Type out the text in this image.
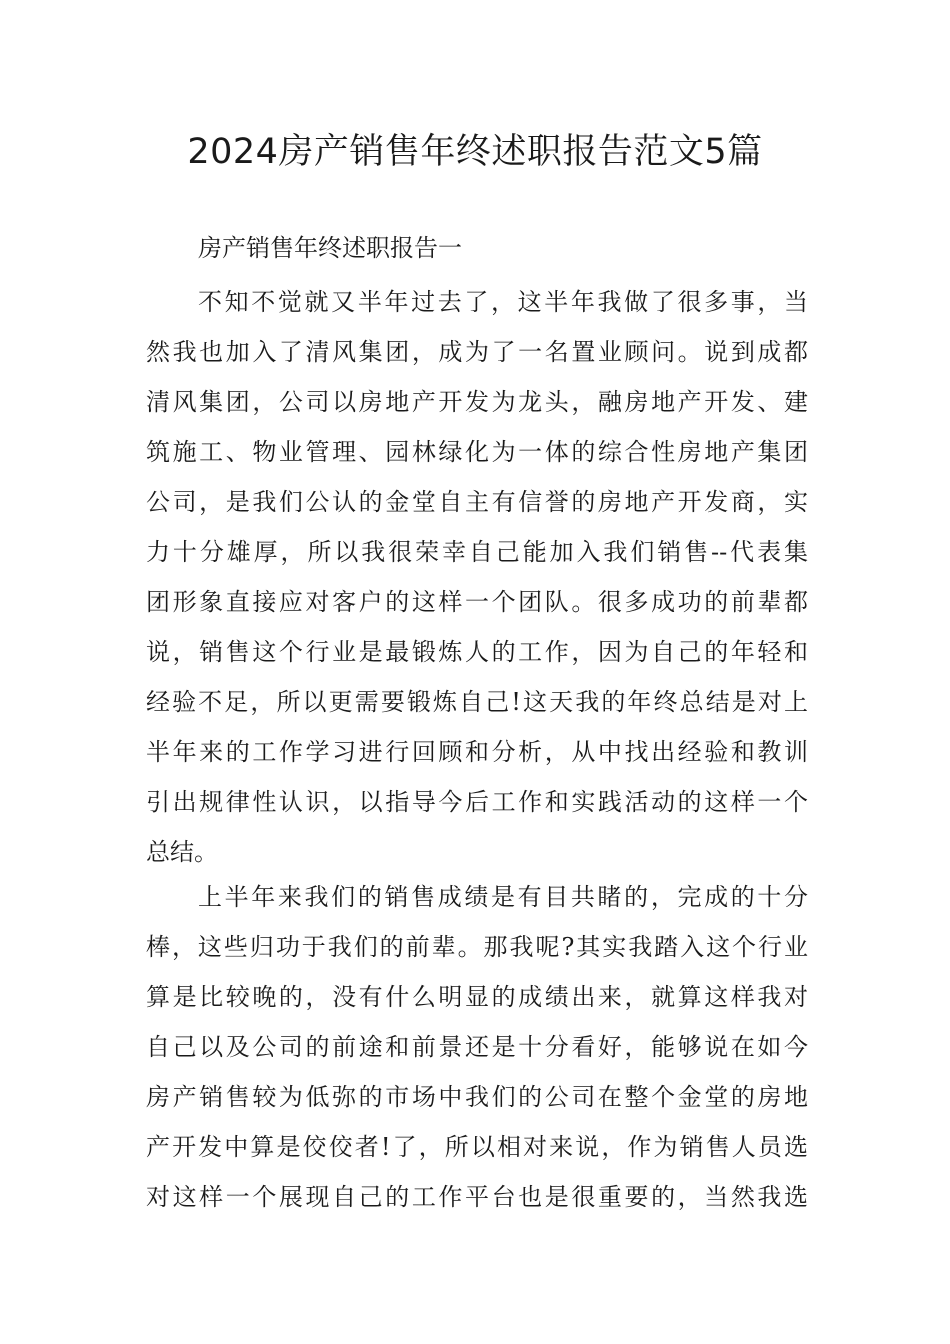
2024房产销售年终述职报告范文5篇
房产销售年终述职报告一

不知不觉就又半年过去了，这半年我做了很多事，当
然我也加入了清风集团，成为了一名置业顾问。说到成都
清风集团，公司以房地产开发为龙头，融房地产开发、建
筑施工、物业管理、园林绿化为一体的综合性房地产集团
公司，是我们公认的金堂自主有信誉的房地产开发商，实
力十分雄厚，所以我很荣幸自己能加入我们销售--代表集
团形象直接应对客户的这样一个团队。很多成功的前辈都
说，销售这个行业是最锻炼人的工作，因为自己的年轻和
经验不足，所以更需要锻炼自己!这天我的年终总结是对上
半年来的工作学习进行回顾和分析，从中找出经验和教训
引出规律性认识，以指导今后工作和实践活动的这样一个
总结。

上半年来我们的销售成绩是有目共睹的，完成的十分
棒，这些归功于我们的前辈。那我呢?其实我踏入这个行业
算是比较晚的，没有什么明显的成绩出来，就算这样我对
自己以及公司的前途和前景还是十分看好，能够说在如今
房产销售较为低弥的市场中我们的公司在整个金堂的房地
产开发中算是佼佼者!了，所以相对来说，作为销售人员选
对这样一个展现自己的工作平台也是很重要的，当然我选
